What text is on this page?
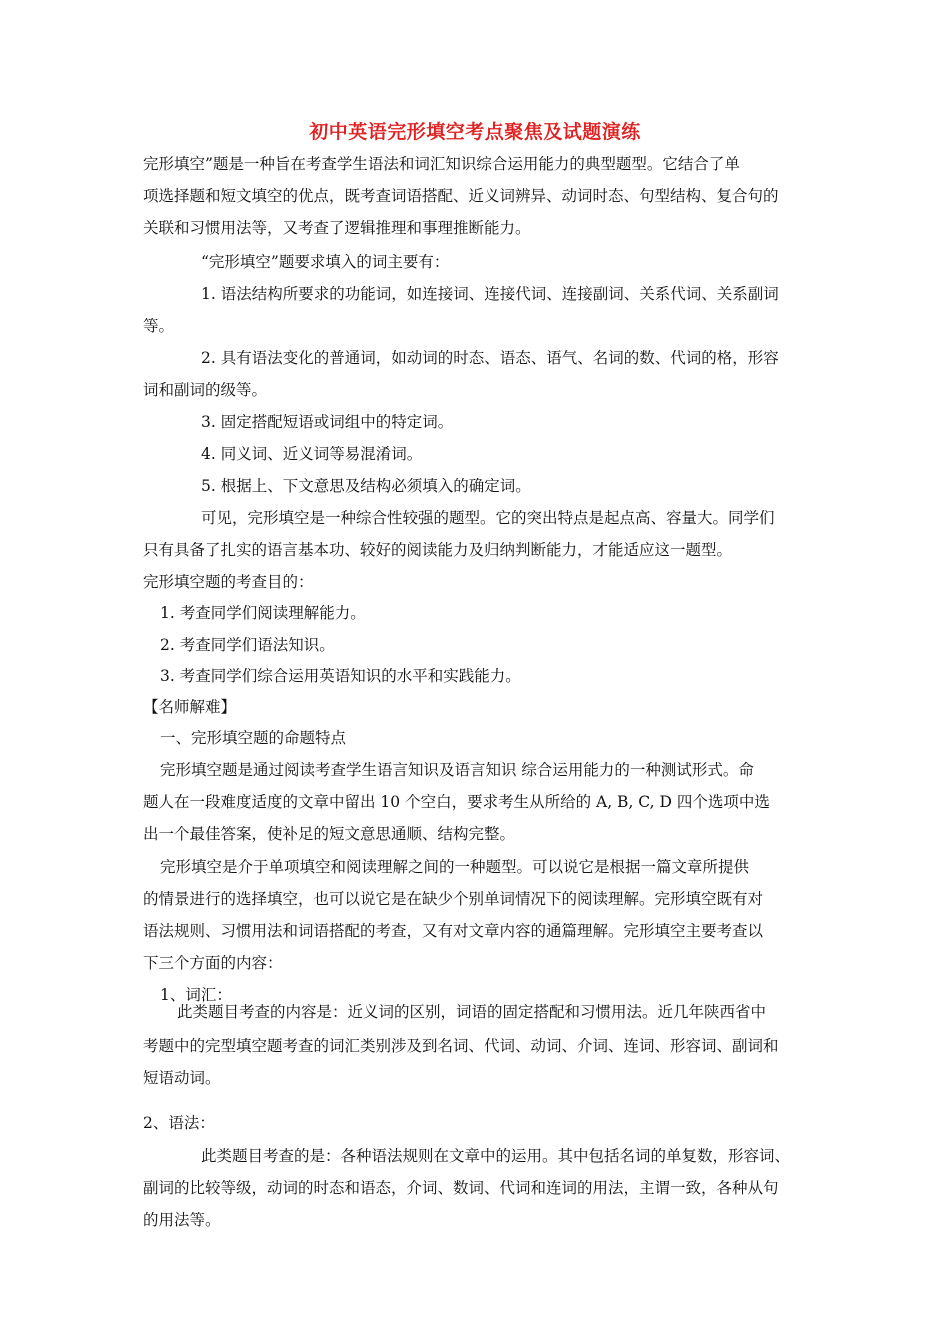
初中英语完形填空考点聚焦及试题演练
完形填空”题是一种旨在考查学生语法和词汇知识综合运用能力的典型题型。它结合了单
项选择题和短文填空的优点，既考查词语搭配、近义词辨异、动词时态、句型结构、复合句的
关联和习惯用法等，又考查了逻辑推理和事理推断能力。
“完形填空”题要求填入的词主要有：
1. 语法结构所要求的功能词，如连接词、连接代词、连接副词、关系代词、关系副词
等。
2. 具有语法变化的普通词，如动词的时态、语态、语气、名词的数、代词的格，形容
词和副词的级等。
3. 固定搭配短语或词组中的特定词。
4. 同义词、近义词等易混淆词。
5. 根据上、下文意思及结构必须填入的确定词。
可见，完形填空是一种综合性较强的题型。它的突出特点是起点高、容量大。同学们
只有具备了扎实的语言基本功、较好的阅读能力及归纳判断能力，才能适应这一题型。
完形填空题的考查目的：
1. 考查同学们阅读理解能力。
2. 考查同学们语法知识。
3. 考查同学们综合运用英语知识的水平和实践能力。
【名师解难】
一、完形填空题的命题特点
完形填空题是通过阅读考查学生语言知识及语言知识 综合运用能力的一种测试形式。命
题人在一段难度适度的文章中留出 10 个空白，要求考生从所给的 A, B, C, D 四个选项中选
出一个最佳答案，使补足的短文意思通顺、结构完整。
完形填空是介于单项填空和阅读理解之间的一种题型。可以说它是根据一篇文章所提供
的情景进行的选择填空，也可以说它是在缺少个别单词情况下的阅读理解。完形填空既有对
语法规则、习惯用法和词语搭配的考查，又有对文章内容的通篇理解。完形填空主要考查以
下三个方面的内容：
1、词汇：
此类题目考查的内容是：近义词的区别，词语的固定搭配和习惯用法。近几年陕西省中
考题中的完型填空题考查的词汇类别涉及到名词、代词、动词、介词、连词、形容词、副词和
短语动词。
2、语法：
此类题目考查的是：各种语法规则在文章中的运用。其中包括名词的单复数，形容词、
副词的比较等级，动词的时态和语态，介词、数词、代词和连词的用法，主谓一致，各种从句
的用法等。
